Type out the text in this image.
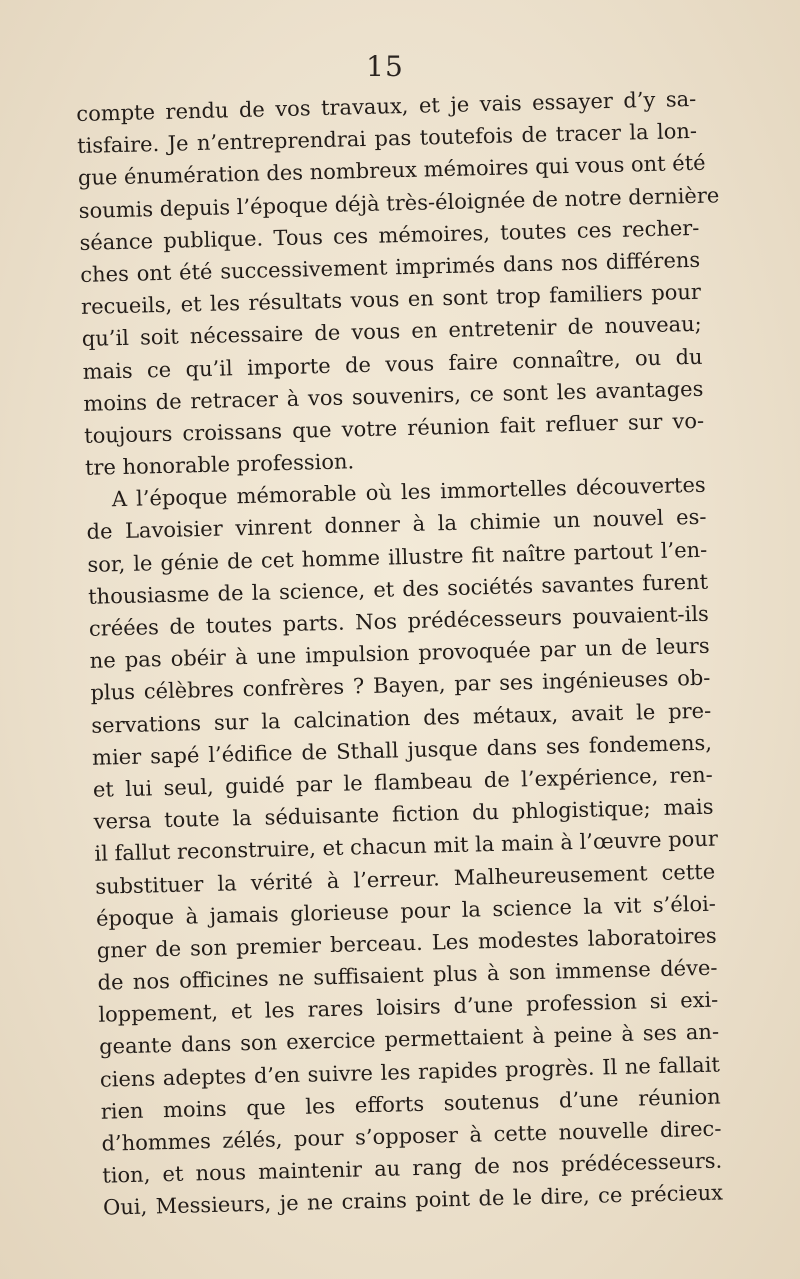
15
compte rendu de vos travaux, et je vais essayer d’y sa-
tisfaire. Je n’entreprendrai pas toutefois de tracer la lon-
gue énumération des nombreux mémoires qui vous ont été
soumis depuis l’époque déjà très-éloignée de notre dernière
séance publique. Tous ces mémoires, toutes ces recher-
ches ont été successivement imprimés dans nos différens
recueils, et les résultats vous en sont trop familiers pour
qu’il soit nécessaire de vous en entretenir de nouveau;
mais ce qu’il importe de vous faire connaître, ou du
moins de retracer à vos souvenirs, ce sont les avantages
toujours croissans que votre réunion fait refluer sur vo-
tre honorable profession.
A l’époque mémorable où les immortelles découvertes
de Lavoisier vinrent donner à la chimie un nouvel es-
sor, le génie de cet homme illustre fit naître partout l’en-
thousiasme de la science, et des sociétés savantes furent
créées de toutes parts. Nos prédécesseurs pouvaient-ils
ne pas obéir à une impulsion provoquée par un de leurs
plus célèbres confrères ? Bayen, par ses ingénieuses ob-
servations sur la calcination des métaux, avait le pre-
mier sapé l’édifice de Sthall jusque dans ses fondemens,
et lui seul, guidé par le flambeau de l’expérience, ren-
versa toute la séduisante fiction du phlogistique; mais
il fallut reconstruire, et chacun mit la main à l’œuvre pour
substituer la vérité à l’erreur. Malheureusement cette
époque à jamais glorieuse pour la science la vit s’éloi-
gner de son premier berceau. Les modestes laboratoires
de nos officines ne suffisaient plus à son immense déve-
loppement, et les rares loisirs d’une profession si exi-
geante dans son exercice permettaient à peine à ses an-
ciens adeptes d’en suivre les rapides progrès. Il ne fallait
rien moins que les efforts soutenus d’une réunion
d’hommes zélés, pour s’opposer à cette nouvelle direc-
tion, et nous maintenir au rang de nos prédécesseurs.
Oui, Messieurs, je ne crains point de le dire, ce précieux
